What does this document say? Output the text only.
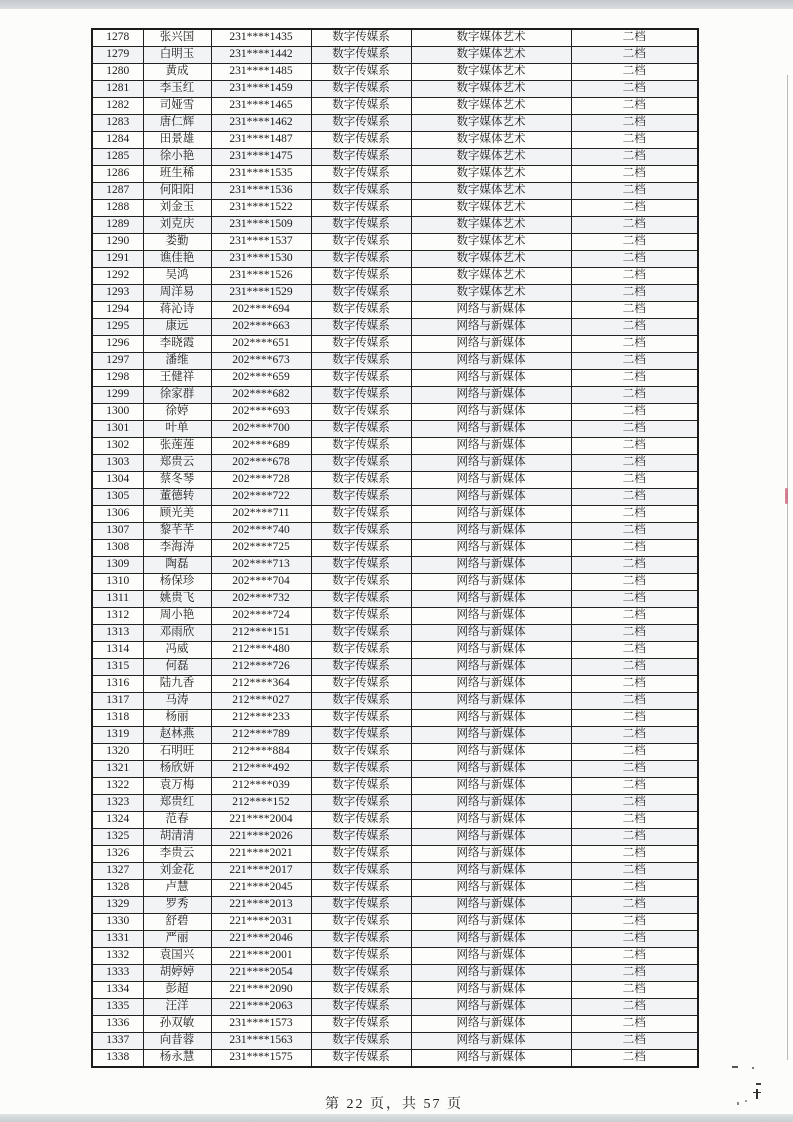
1278	张兴国	231****1435	数字传媒系	数字媒体艺术	二档
1279	白明玉	231****1442	数字传媒系	数字媒体艺术	二档
1280	黄成	231****1485	数字传媒系	数字媒体艺术	二档
1281	李玉红	231****1459	数字传媒系	数字媒体艺术	二档
1282	司娅雪	231****1465	数字传媒系	数字媒体艺术	二档
1283	唐仁辉	231****1462	数字传媒系	数字媒体艺术	二档
1284	田景雄	231****1487	数字传媒系	数字媒体艺术	二档
1285	徐小艳	231****1475	数字传媒系	数字媒体艺术	二档
1286	班生稀	231****1535	数字传媒系	数字媒体艺术	二档
1287	何阳阳	231****1536	数字传媒系	数字媒体艺术	二档
1288	刘金玉	231****1522	数字传媒系	数字媒体艺术	二档
1289	刘克庆	231****1509	数字传媒系	数字媒体艺术	二档
1290	娄勤	231****1537	数字传媒系	数字媒体艺术	二档
1291	谯佳艳	231****1530	数字传媒系	数字媒体艺术	二档
1292	吴鸿	231****1526	数字传媒系	数字媒体艺术	二档
1293	周洋易	231****1529	数字传媒系	数字媒体艺术	二档
1294	蒋沁诗	202****694	数字传媒系	网络与新媒体	二档
1295	康远	202****663	数字传媒系	网络与新媒体	二档
1296	李晓霞	202****651	数字传媒系	网络与新媒体	二档
1297	潘维	202****673	数字传媒系	网络与新媒体	二档
1298	王健祥	202****659	数字传媒系	网络与新媒体	二档
1299	徐家群	202****682	数字传媒系	网络与新媒体	二档
1300	徐婷	202****693	数字传媒系	网络与新媒体	二档
1301	叶单	202****700	数字传媒系	网络与新媒体	二档
1302	张莲莲	202****689	数字传媒系	网络与新媒体	二档
1303	郑贵云	202****678	数字传媒系	网络与新媒体	二档
1304	蔡冬琴	202****728	数字传媒系	网络与新媒体	二档
1305	董德转	202****722	数字传媒系	网络与新媒体	二档
1306	顾光美	202****711	数字传媒系	网络与新媒体	二档
1307	黎芊芊	202****740	数字传媒系	网络与新媒体	二档
1308	李海涛	202****725	数字传媒系	网络与新媒体	二档
1309	陶磊	202****713	数字传媒系	网络与新媒体	二档
1310	杨保珍	202****704	数字传媒系	网络与新媒体	二档
1311	姚贵飞	202****732	数字传媒系	网络与新媒体	二档
1312	周小艳	202****724	数字传媒系	网络与新媒体	二档
1313	邓雨欣	212****151	数字传媒系	网络与新媒体	二档
1314	冯威	212****480	数字传媒系	网络与新媒体	二档
1315	何磊	212****726	数字传媒系	网络与新媒体	二档
1316	陆九香	212****364	数字传媒系	网络与新媒体	二档
1317	马涛	212****027	数字传媒系	网络与新媒体	二档
1318	杨丽	212****233	数字传媒系	网络与新媒体	二档
1319	赵林燕	212****789	数字传媒系	网络与新媒体	二档
1320	石明旺	212****884	数字传媒系	网络与新媒体	二档
1321	杨欣妍	212****492	数字传媒系	网络与新媒体	二档
1322	袁万梅	212****039	数字传媒系	网络与新媒体	二档
1323	郑贵红	212****152	数字传媒系	网络与新媒体	二档
1324	范春	221****2004	数字传媒系	网络与新媒体	二档
1325	胡清清	221****2026	数字传媒系	网络与新媒体	二档
1326	李贵云	221****2021	数字传媒系	网络与新媒体	二档
1327	刘金花	221****2017	数字传媒系	网络与新媒体	二档
1328	卢慧	221****2045	数字传媒系	网络与新媒体	二档
1329	罗秀	221****2013	数字传媒系	网络与新媒体	二档
1330	舒碧	221****2031	数字传媒系	网络与新媒体	二档
1331	严丽	221****2046	数字传媒系	网络与新媒体	二档
1332	袁国兴	221****2001	数字传媒系	网络与新媒体	二档
1333	胡婷婷	221****2054	数字传媒系	网络与新媒体	二档
1334	彭超	221****2090	数字传媒系	网络与新媒体	二档
1335	汪洋	221****2063	数字传媒系	网络与新媒体	二档
1336	孙双敏	231****1573	数字传媒系	网络与新媒体	二档
1337	向昔蓉	231****1563	数字传媒系	网络与新媒体	二档
1338	杨永慧	231****1575	数字传媒系	网络与新媒体	二档
第 22 页，共 57 页
